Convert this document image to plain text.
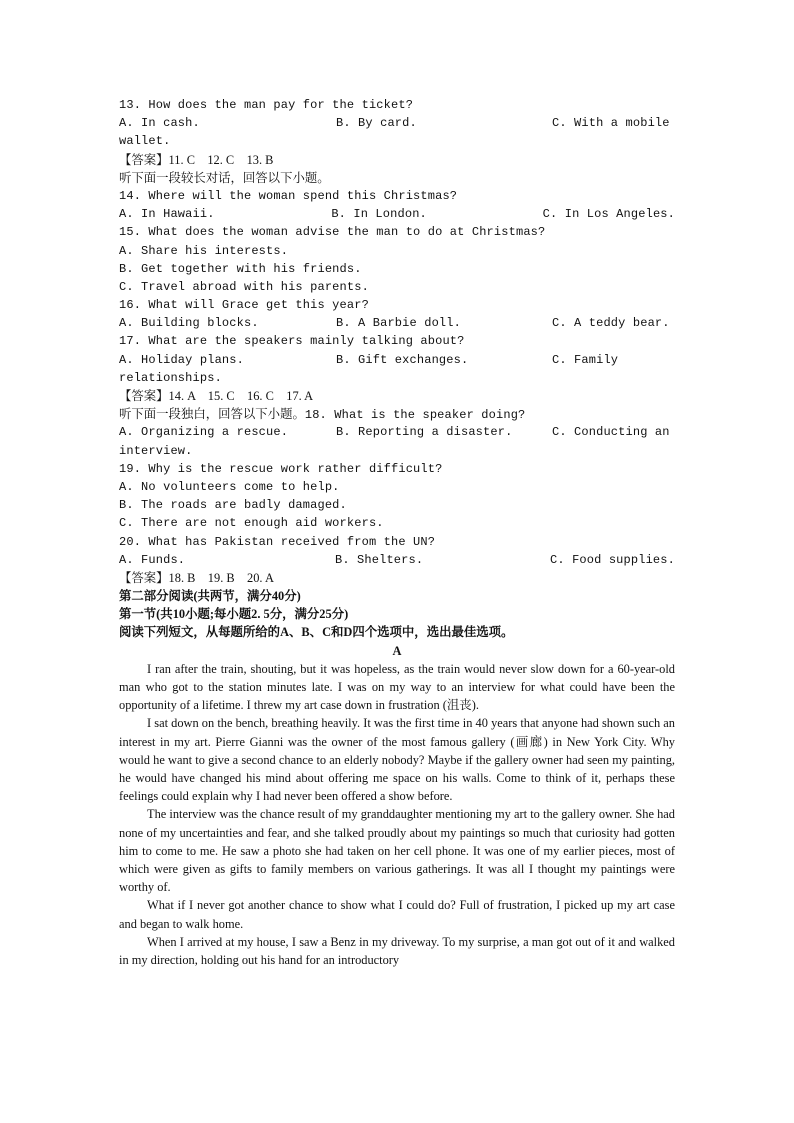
13. How does the man pay for the ticket?
A. In cash.	B. By card.	C. With a mobile
wallet.
【答案】11. C    12. C    13. B
听下面一段较长对话，回答以下小题。
14. Where will the woman spend this Christmas?
A. In Hawaii.	B. In London.	C. In Los Angeles.
15. What does the woman advise the man to do at Christmas?
A. Share his interests.
B. Get together with his friends.
C. Travel abroad with his parents.
16. What will Grace get this year?
A. Building blocks.	B. A Barbie doll.	C. A teddy bear.
17. What are the speakers mainly talking about?
A. Holiday plans.	B. Gift exchanges.	C. Family
relationships.
【答案】14. A    15. C    16. C    17. A
听下面一段独白，回答以下小题。18. What is the speaker doing?
A. Organizing a rescue.	B. Reporting a disaster.	C. Conducting an
interview.
19. Why is the rescue work rather difficult?
A. No volunteers come to help.
B. The roads are badly damaged.
C. There are not enough aid workers.
20. What has Pakistan received from the UN?
A. Funds.	B. Shelters.	C. Food supplies.
【答案】18. B    19. B    20. A
第二部分阅读(共两节，满分40分)
第一节(共10小题;每小题2. 5分，满分25分)
阅读下列短文，从每题所给的A、B、C和D四个选项中，选出最佳选项。
A

I ran after the train, shouting, but it was hopeless, as the train would never slow down for a 60-year-old man who got to the station minutes late. I was on my way to an interview for what could have been the opportunity of a lifetime. I threw my art case down in frustration (沮丧).

I sat down on the bench, breathing heavily. It was the first time in 40 years that anyone had shown such an interest in my art. Pierre Gianni was the owner of the most famous gallery (画廊) in New York City. Why would he want to give a second chance to an elderly nobody? Maybe if the gallery owner had seen my painting, he would have changed his mind about offering me space on his walls. Come to think of it, perhaps these feelings could explain why I had never been offered a show before.

The interview was the chance result of my granddaughter mentioning my art to the gallery owner. She had none of my uncertainties and fear, and she talked proudly about my paintings so much that curiosity had gotten him to come to me. He saw a photo she had taken on her cell phone. It was one of my earlier pieces, most of which were given as gifts to family members on various gatherings. It was all I thought my paintings were worthy of.

What if I never got another chance to show what I could do? Full of frustration, I picked up my art case and began to walk home.

When I arrived at my house, I saw a Benz in my driveway. To my surprise, a man got out of it and walked in my direction, holding out his hand for an introductory
